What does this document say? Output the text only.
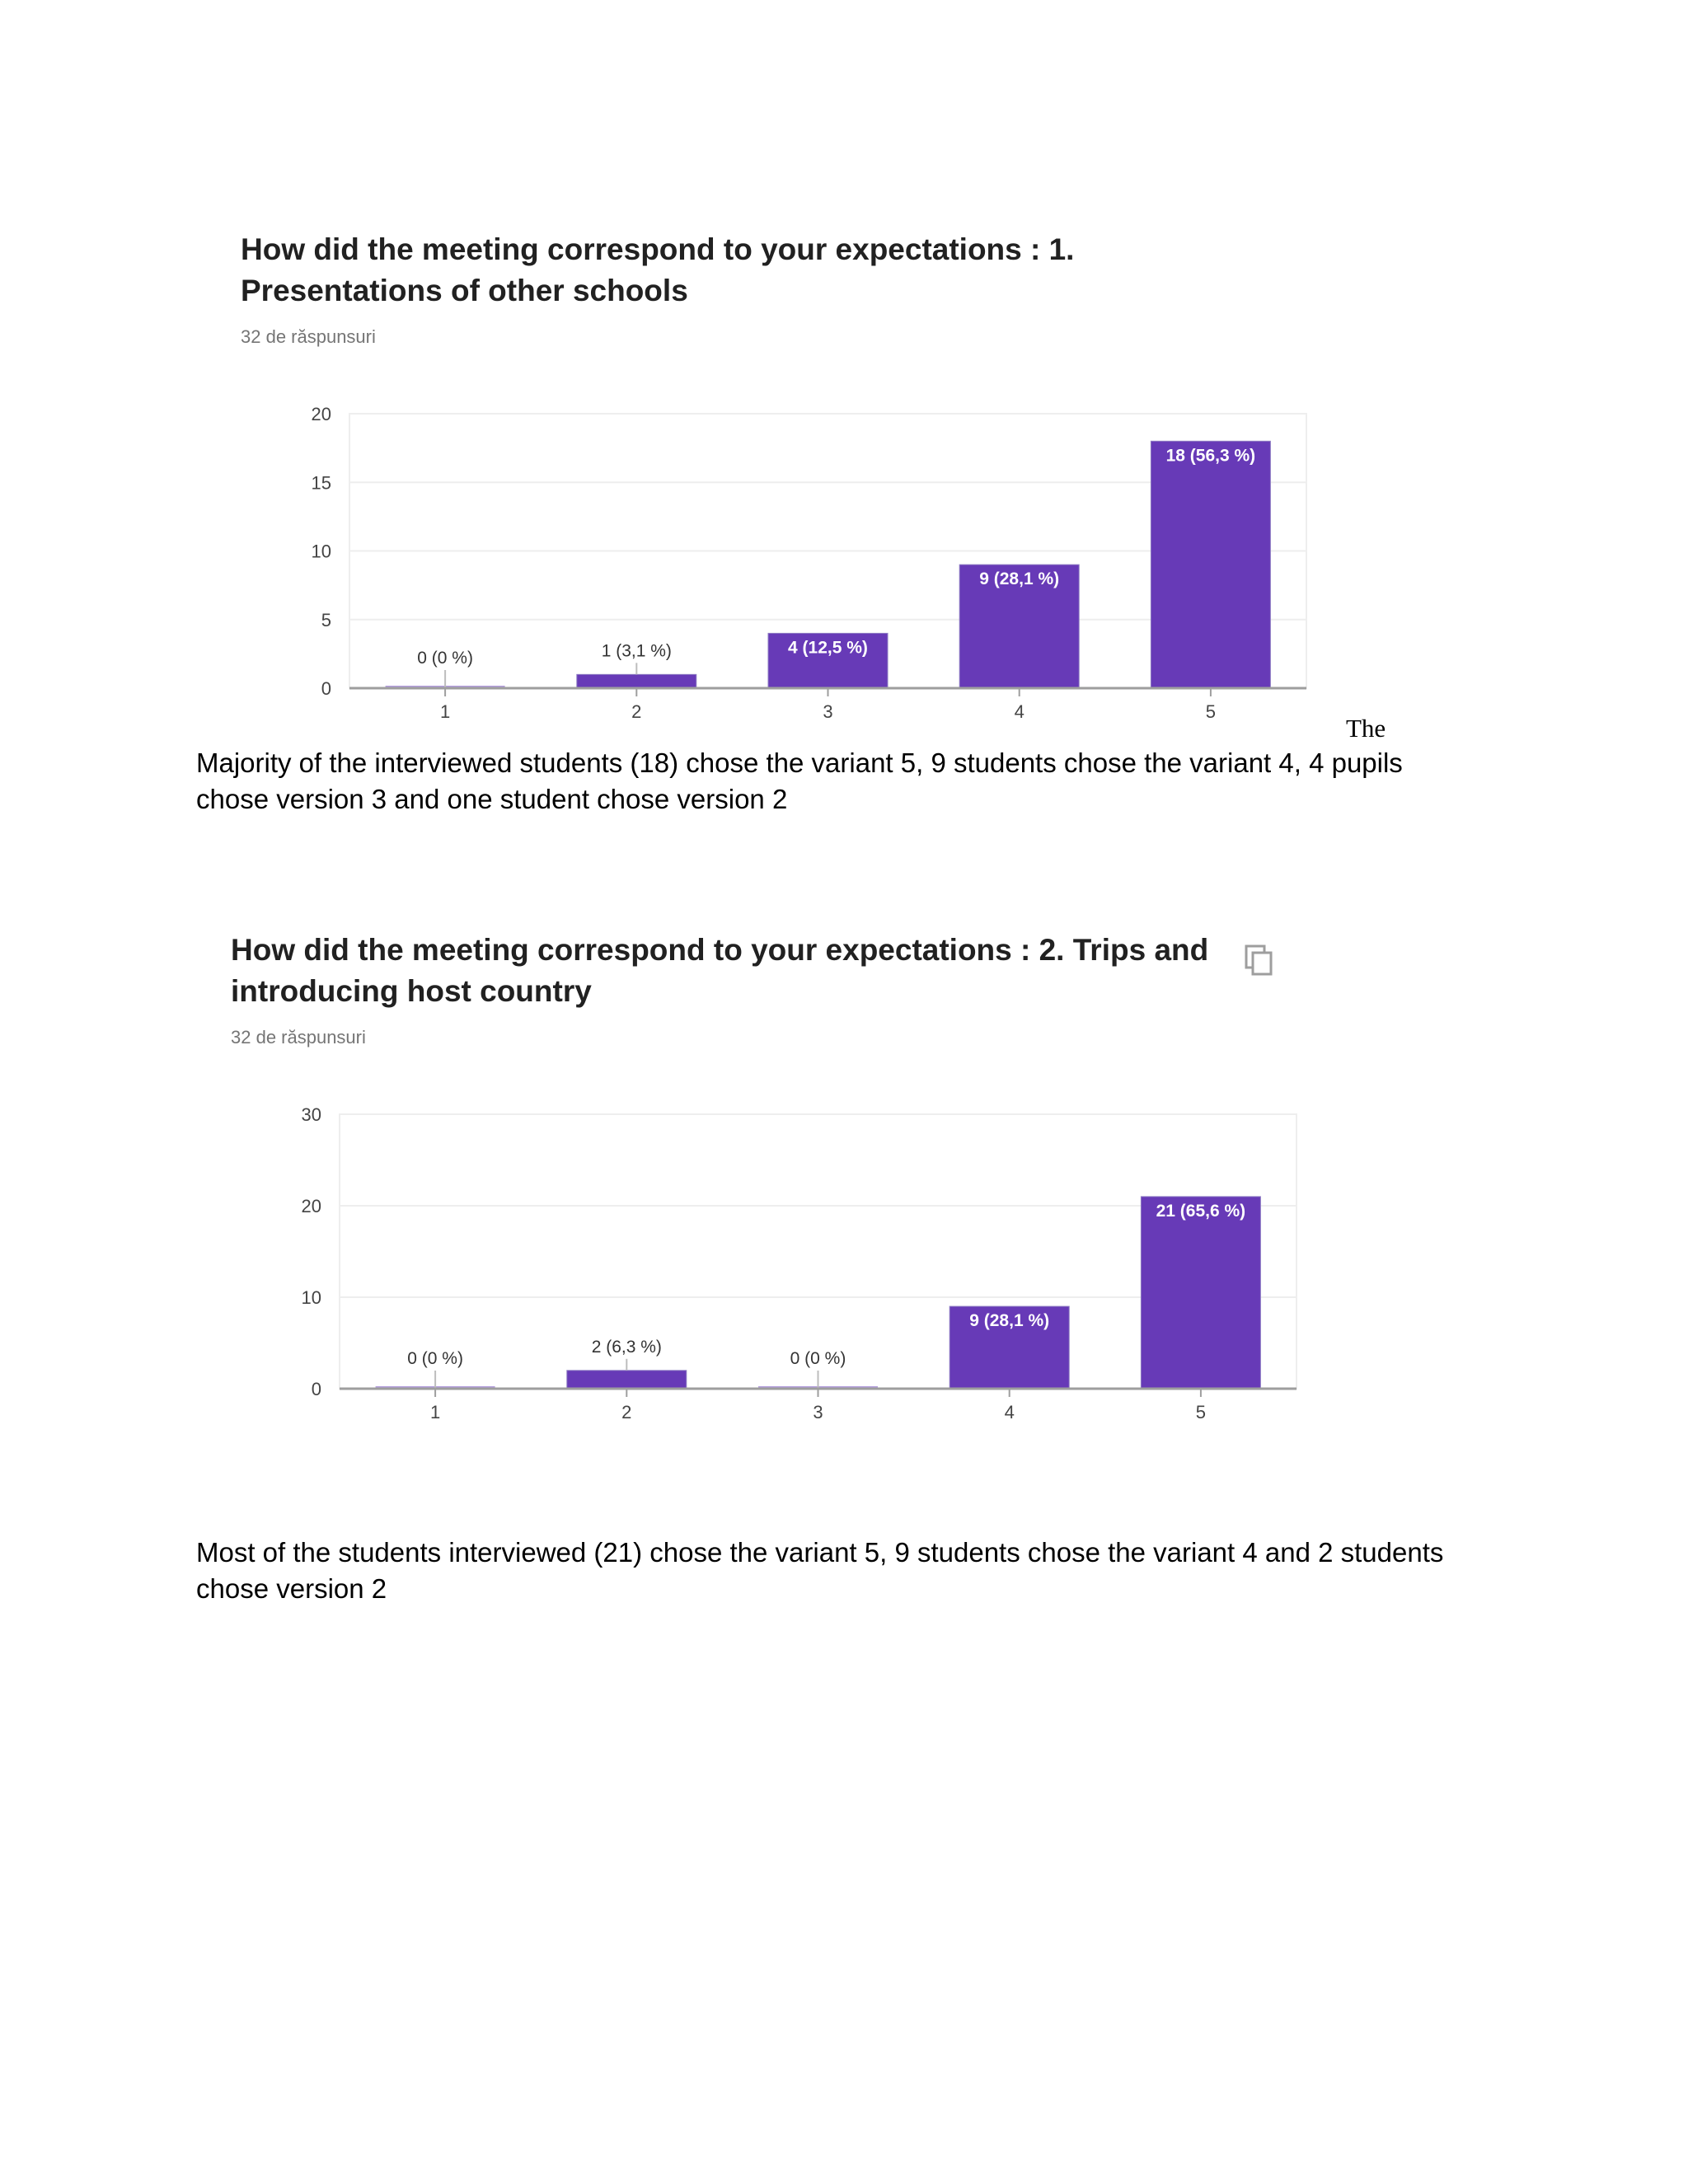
How did the meeting correspond to your expectations : 1. Presentations of other schools
32 de răspunsuri
0
5
10
15
20
0 (0 %)
1
1 (3,1 %)
2
4 (12,5 %)
3
9 (28,1 %)
4
18 (56,3 %)
5
The

Majority of the interviewed students (18) chose the variant 5, 9 students chose the variant 4, 4 pupils chose version 3 and one student chose version 2

How did the meeting correspond to your expectations : 2. Trips and introducing host country
32 de răspunsuri
0
10
20
30
0 (0 %)
1
2 (6,3 %)
2
0 (0 %)
3
9 (28,1 %)
4
21 (65,6 %)
5

Most of the students interviewed (21) chose the variant 5, 9 students chose the variant 4 and 2 students chose version 2
